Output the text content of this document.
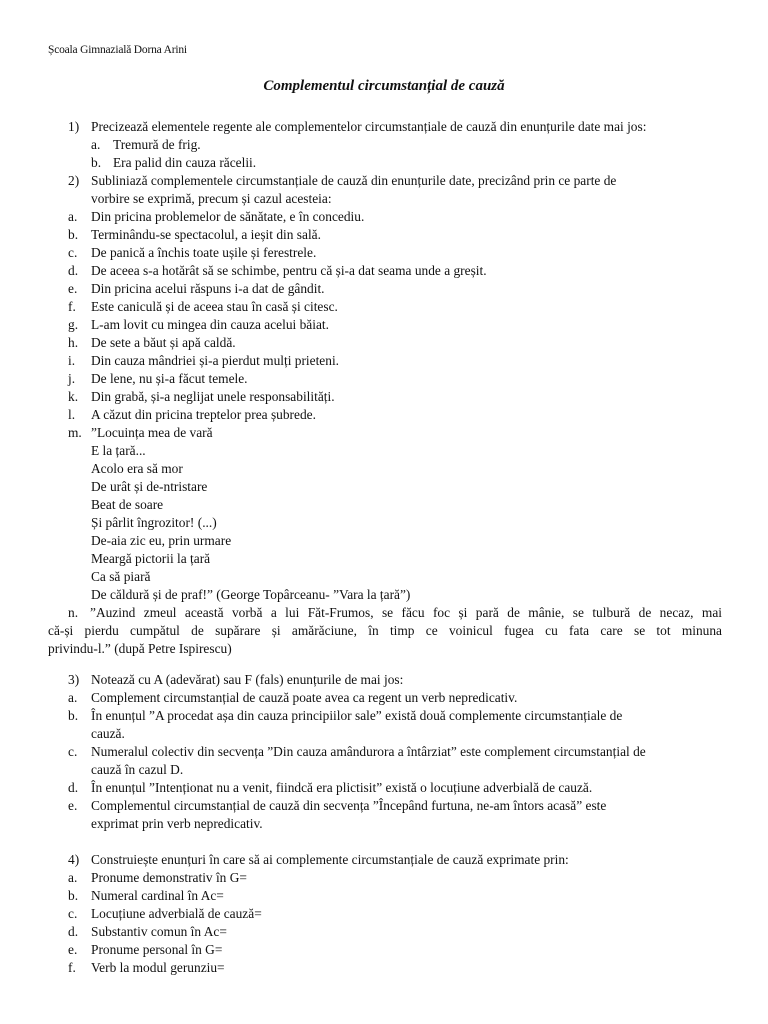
Școala Gimnazială Dorna Arini
Complementul circumstanțial de cauză
1) Precizează elementele regente ale complementelor circumstanțiale de cauză din enunțurile date mai jos:
a. Tremură de frig.
b. Era palid din cauza răcelii.
2) Subliniază complementele circumstanțiale de cauză din enunțurile date, precizând prin ce parte de
vorbire se exprimă, precum și cazul acesteia:
a. Din pricina problemelor de sănătate, e în concediu.
b. Terminându-se spectacolul, a ieșit din sală.
c. De panică a închis toate ușile și ferestrele.
d. De aceea s-a hotărât să se schimbe, pentru că și-a dat seama unde a greșit.
e. Din pricina acelui răspuns i-a dat de gândit.
f. Este caniculă și de aceea stau în casă și citesc.
g. L-am lovit cu mingea din cauza acelui băiat.
h. De sete a băut și apă caldă.
i. Din cauza mândriei și-a pierdut mulți prieteni.
j. De lene, nu și-a făcut temele.
k. Din grabă, și-a neglijat unele responsabilități.
l. A căzut din pricina treptelor prea șubrede.
m. ”Locuința mea de vară
E la țară...
Acolo era să mor
De urât și de-ntristare
Beat de soare
Și pârlit îngrozitor! (...)
De-aia zic eu, prin urmare
Meargă pictorii la țară
Ca să piară
De căldură și de praf!” (George Topârceanu- ”Vara la țară”)
n. ”Auzind zmeul această vorbă a lui Făt-Frumos, se făcu foc și pară de mânie, se tulbură de necaz, mai
că-și pierdu cumpătul de supărare și amărăciune, în timp ce voinicul fugea cu fata care se tot minuna
privindu-l.” (după Petre Ispirescu)
3) Notează cu A (adevărat) sau F (fals) enunțurile de mai jos:
a. Complement circumstanțial de cauză poate avea ca regent un verb nepredicativ.
b. În enunțul ”A procedat așa din cauza principiilor sale” există două complemente circumstanțiale de
cauză.
c. Numeralul colectiv din secvența ”Din cauza amândurora a întârziat” este complement circumstanțial de
cauză în cazul D.
d. În enunțul ”Intenționat nu a venit, fiindcă era plictisit” există o locuțiune adverbială de cauză.
e. Complementul circumstanțial de cauză din secvența ”Începând furtuna, ne-am întors acasă” este
exprimat prin verb nepredicativ.
4) Construiește enunțuri în care să ai complemente circumstanțiale de cauză exprimate prin:
a. Pronume demonstrativ în G=
b. Numeral cardinal în Ac=
c. Locuțiune adverbială de cauză=
d. Substantiv comun în Ac=
e. Pronume personal în G=
f. Verb la modul gerunziu=
